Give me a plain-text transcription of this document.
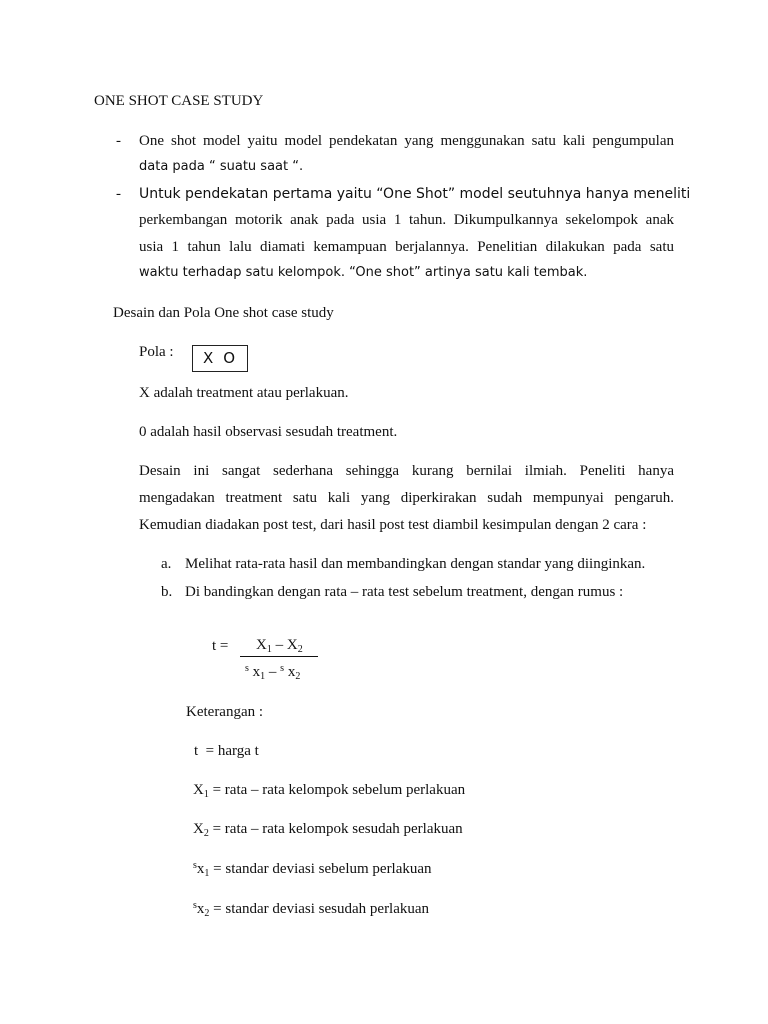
ONE SHOT CASE STUDY
- One shot model yaitu model pendekatan yang menggunakan satu kali pengumpulan
data pada “ suatu saat “.
- Untuk pendekatan pertama yaitu “One Shot” model seutuhnya hanya meneliti
perkembangan motorik anak pada usia 1 tahun. Dikumpulkannya sekelompok anak
usia 1 tahun lalu diamati kemampuan berjalannya. Penelitian dilakukan pada satu
waktu terhadap satu kelompok. “One shot” artinya satu kali tembak.
Desain dan Pola One shot case study
Pola :	X O
X adalah treatment atau perlakuan.
0 adalah hasil observasi sesudah treatment.
Desain ini sangat sederhana sehingga kurang bernilai ilmiah. Peneliti hanya
mengadakan treatment satu kali yang diperkirakan sudah mempunyai pengaruh.
Kemudian diadakan post test, dari hasil post test diambil kesimpulan dengan 2 cara :
a. Melihat rata-rata hasil dan membandingkan dengan standar yang diinginkan.
b. Di bandingkan dengan rata – rata test sebelum treatment, dengan rumus :
$t = X_1 - X_2$
$^s$ $x_1 - ^s$ $x_2$
Keterangan :
t  = harga t
$X_1$ = rata – rata kelompok sebelum perlakuan
$X_2$ = rata – rata kelompok sesudah perlakuan
$^sx_1$ = standar deviasi sebelum perlakuan
$^sx_2$ = standar deviasi sesudah perlakuan
